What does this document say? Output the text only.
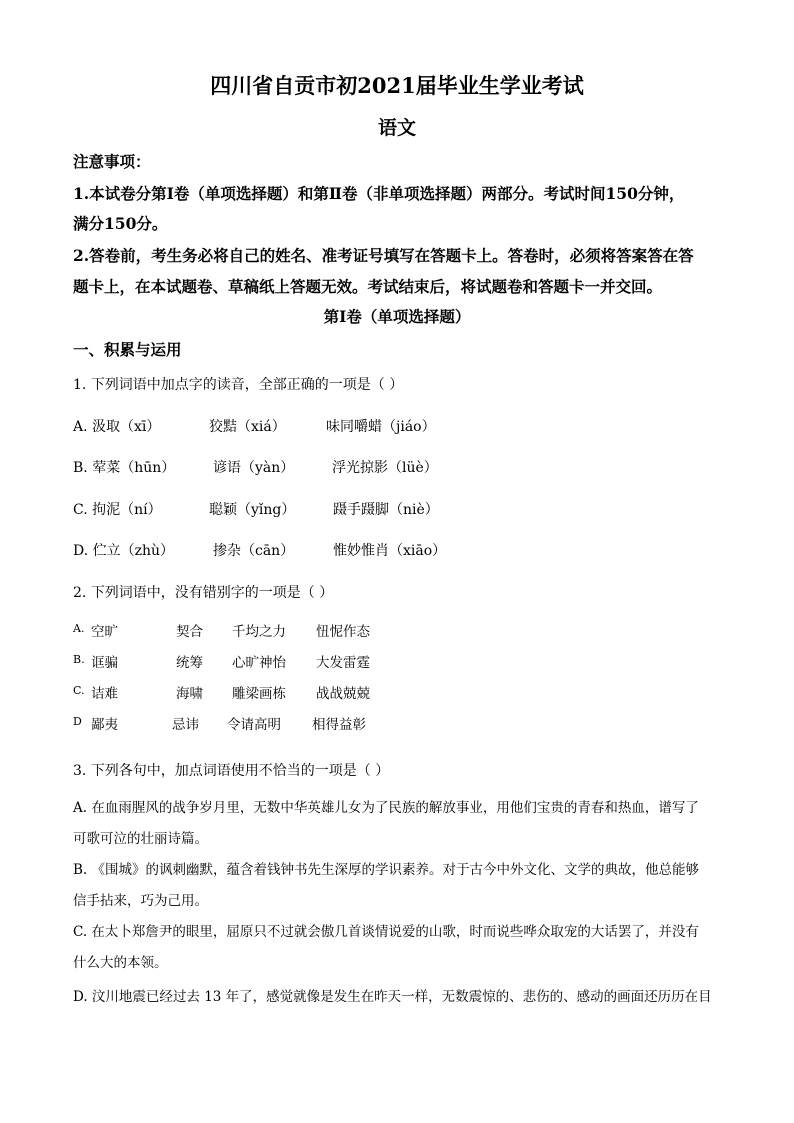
四川省自贡市初2021届毕业生学业考试
语文
注意事项：
1.本试卷分第Ⅰ卷（单项选择题）和第Ⅱ卷（非单项选择题）两部分。考试时间150分钟，
满分150分。
2.答卷前，考生务必将自己的姓名、准考证号填写在答题卡上。答卷时，必须将答案答在答
题卡上，在本试题卷、草稿纸上答题无效。考试结束后，将试题卷和答题卡一并交回。
第Ⅰ卷（单项选择题）
一、积累与运用
1. 下列词语中加点字的读音，全部正确的一项是（ ）
A. 汲取（xī）	狡黠（xiá）	味同嚼蜡（jiáo）
B. 荤菜（hūn）	谚语（yàn）	浮光掠影（lüè）
C. 拘泥（ní）	聪颖（yǐng）	蹑手蹑脚（niè）
D. 伫立（zhù）	掺杂（cān）	惟妙惟肖（xiāo）
2. 下列词语中，没有错别字的一项是（ ）
A. 空旷	契合 千均之力 忸怩作态
B. 诓骗	统筹 心旷神怡 大发雷霆
C. 诘难	海啸 雕梁画栋 战战兢兢
D 鄙夷	忌讳 令请高明 相得益彰
3. 下列各句中，加点词语使用不恰当的一项是（ ）
A. 在血雨腥风的战争岁月里，无数中华英雄儿女为了民族的解放事业，用他们宝贵的青春和热血，谱写了
可歌可泣的壮丽诗篇。
B. 《围城》的讽刺幽默，蕴含着钱钟书先生深厚的学识素养。对于古今中外文化、文学的典故，他总能够
信手拈来，巧为己用。
C. 在太卜郑詹尹的眼里，屈原只不过就会傲几首谈情说爱的山歌，时而说些哗众取宠的大话罢了，并没有
什么大的本领。
D. 汶川地震已经过去 13 年了，感觉就像是发生在昨天一样，无数震惊的、悲伤的、感动的画面还历历在目
